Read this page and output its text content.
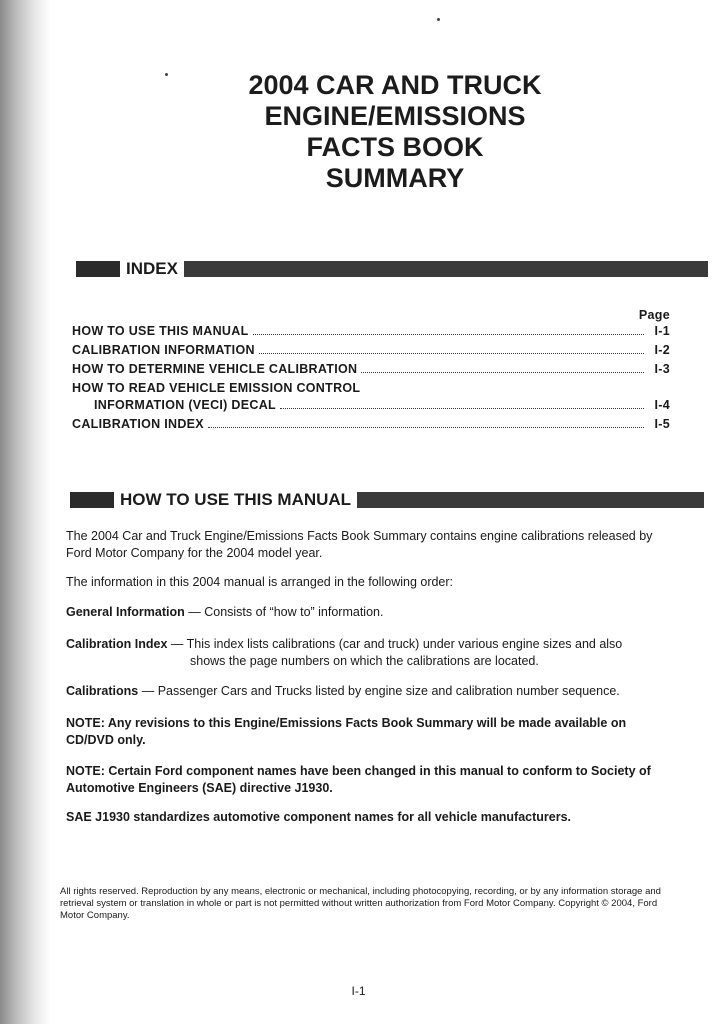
2004 CAR AND TRUCK
ENGINE/EMISSIONS
FACTS BOOK
SUMMARY
INDEX
Page
HOW TO USE THIS MANUAL	I-1
CALIBRATION INFORMATION	I-2
HOW TO DETERMINE VEHICLE CALIBRATION	I-3
HOW TO READ VEHICLE EMISSION CONTROL
INFORMATION (VECI) DECAL	I-4
CALIBRATION INDEX	I-5
HOW TO USE THIS MANUAL
The 2004 Car and Truck Engine/Emissions Facts Book Summary contains engine calibrations released by Ford Motor Company for the 2004 model year.
The information in this 2004 manual is arranged in the following order:
General Information — Consists of “how to” information.
Calibration Index — This index lists calibrations (car and truck) under various engine sizes and also
shows the page numbers on which the calibrations are located.
Calibrations — Passenger Cars and Trucks listed by engine size and calibration number sequence.
NOTE: Any revisions to this Engine/Emissions Facts Book Summary will be made available on CD/DVD only.
NOTE: Certain Ford component names have been changed in this manual to conform to Society of Automotive Engineers (SAE) directive J1930.
SAE J1930 standardizes automotive component names for all vehicle manufacturers.
All rights reserved. Reproduction by any means, electronic or mechanical, including photocopying, recording, or by any information storage and retrieval system or translation in whole or part is not permitted without written authorization from Ford Motor Company. Copyright © 2004, Ford Motor Company.
I-1
